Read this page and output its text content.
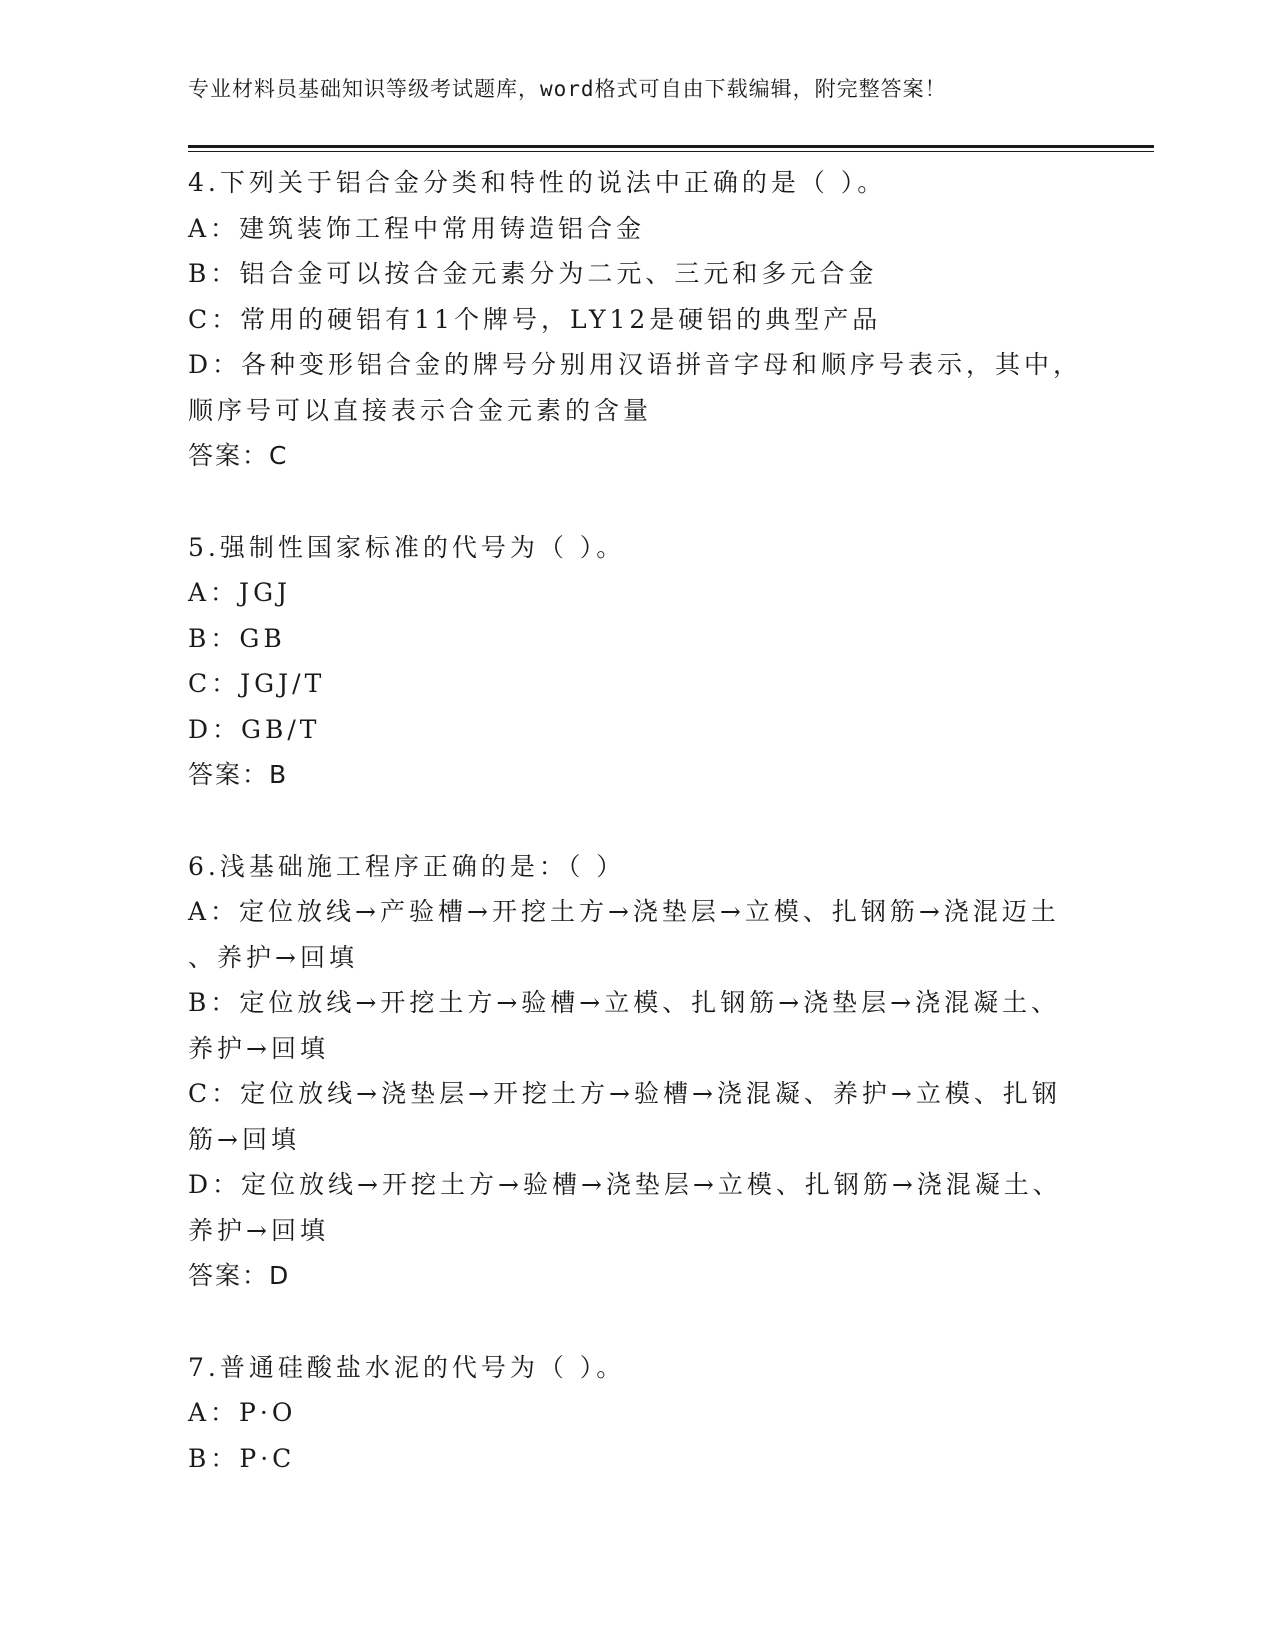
专业材料员基础知识等级考试题库，word格式可自由下载编辑，附完整答案！
4.下列关于铝合金分类和特性的说法中正确的是（ ）。
A：建筑装饰工程中常用铸造铝合金
B：铝合金可以按合金元素分为二元、三元和多元合金
C：常用的硬铝有11个牌号，LY12是硬铝的典型产品
D：各种变形铝合金的牌号分别用汉语拼音字母和顺序号表示，其中，
顺序号可以直接表示合金元素的含量
答案：C
5.强制性国家标准的代号为（ ）。
A：JGJ
B：GB
C：JGJ/T
D：GB/T
答案：B
6.浅基础施工程序正确的是：（ ）
A：定位放线→产验槽→开挖土方→浇垫层→立模、扎钢筋→浇混迈土
、养护→回填
B：定位放线→开挖土方→验槽→立模、扎钢筋→浇垫层→浇混凝土、
养护→回填
C：定位放线→浇垫层→开挖土方→验槽→浇混凝、养护→立模、扎钢
筋→回填
D：定位放线→开挖土方→验槽→浇垫层→立模、扎钢筋→浇混凝土、
养护→回填
答案：D
7.普通硅酸盐水泥的代号为（ ）。
A：P·O
B：P·C
